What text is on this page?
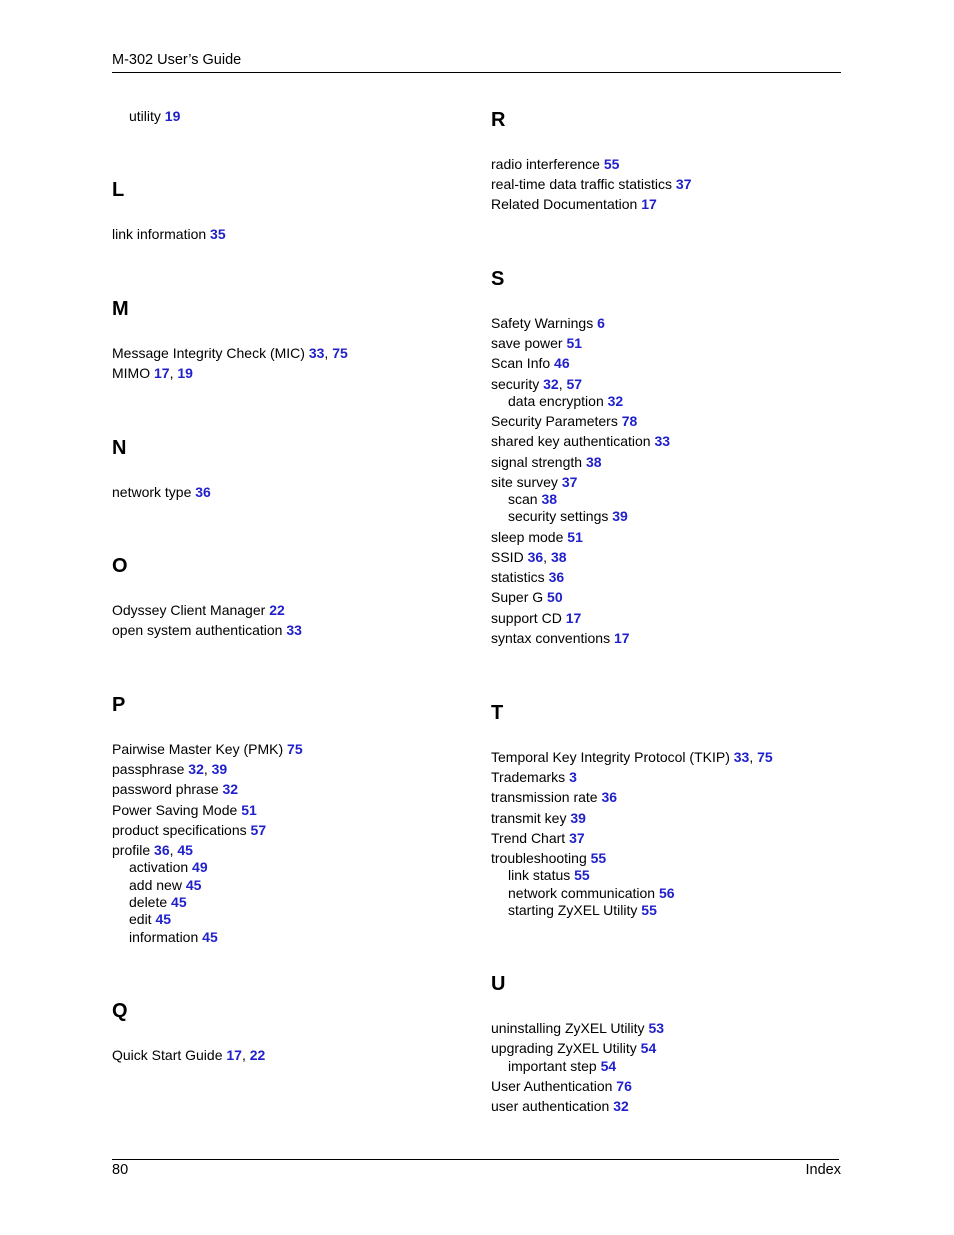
M-302 User’s Guide
utility 19
L
link information 35
M
Message Integrity Check (MIC) 33, 75
MIMO 17, 19
N
network type 36
O
Odyssey Client Manager 22
open system authentication 33
P
Pairwise Master Key (PMK) 75
passphrase 32, 39
password phrase 32
Power Saving Mode 51
product specifications 57
profile 36, 45
activation 49
add new 45
delete 45
edit 45
information 45
Q
Quick Start Guide 17, 22
R
radio interference 55
real-time data traffic statistics 37
Related Documentation 17
S
Safety Warnings 6
save power 51
Scan Info 46
security 32, 57
data encryption 32
Security Parameters 78
shared key authentication 33
signal strength 38
site survey 37
scan 38
security settings 39
sleep mode 51
SSID 36, 38
statistics 36
Super G 50
support CD 17
syntax conventions 17
T
Temporal Key Integrity Protocol (TKIP) 33, 75
Trademarks 3
transmission rate 36
transmit key 39
Trend Chart 37
troubleshooting 55
link status 55
network communication 56
starting ZyXEL Utility 55
U
uninstalling ZyXEL Utility 53
upgrading ZyXEL Utility 54
important step 54
User Authentication 76
user authentication 32
80	Index
